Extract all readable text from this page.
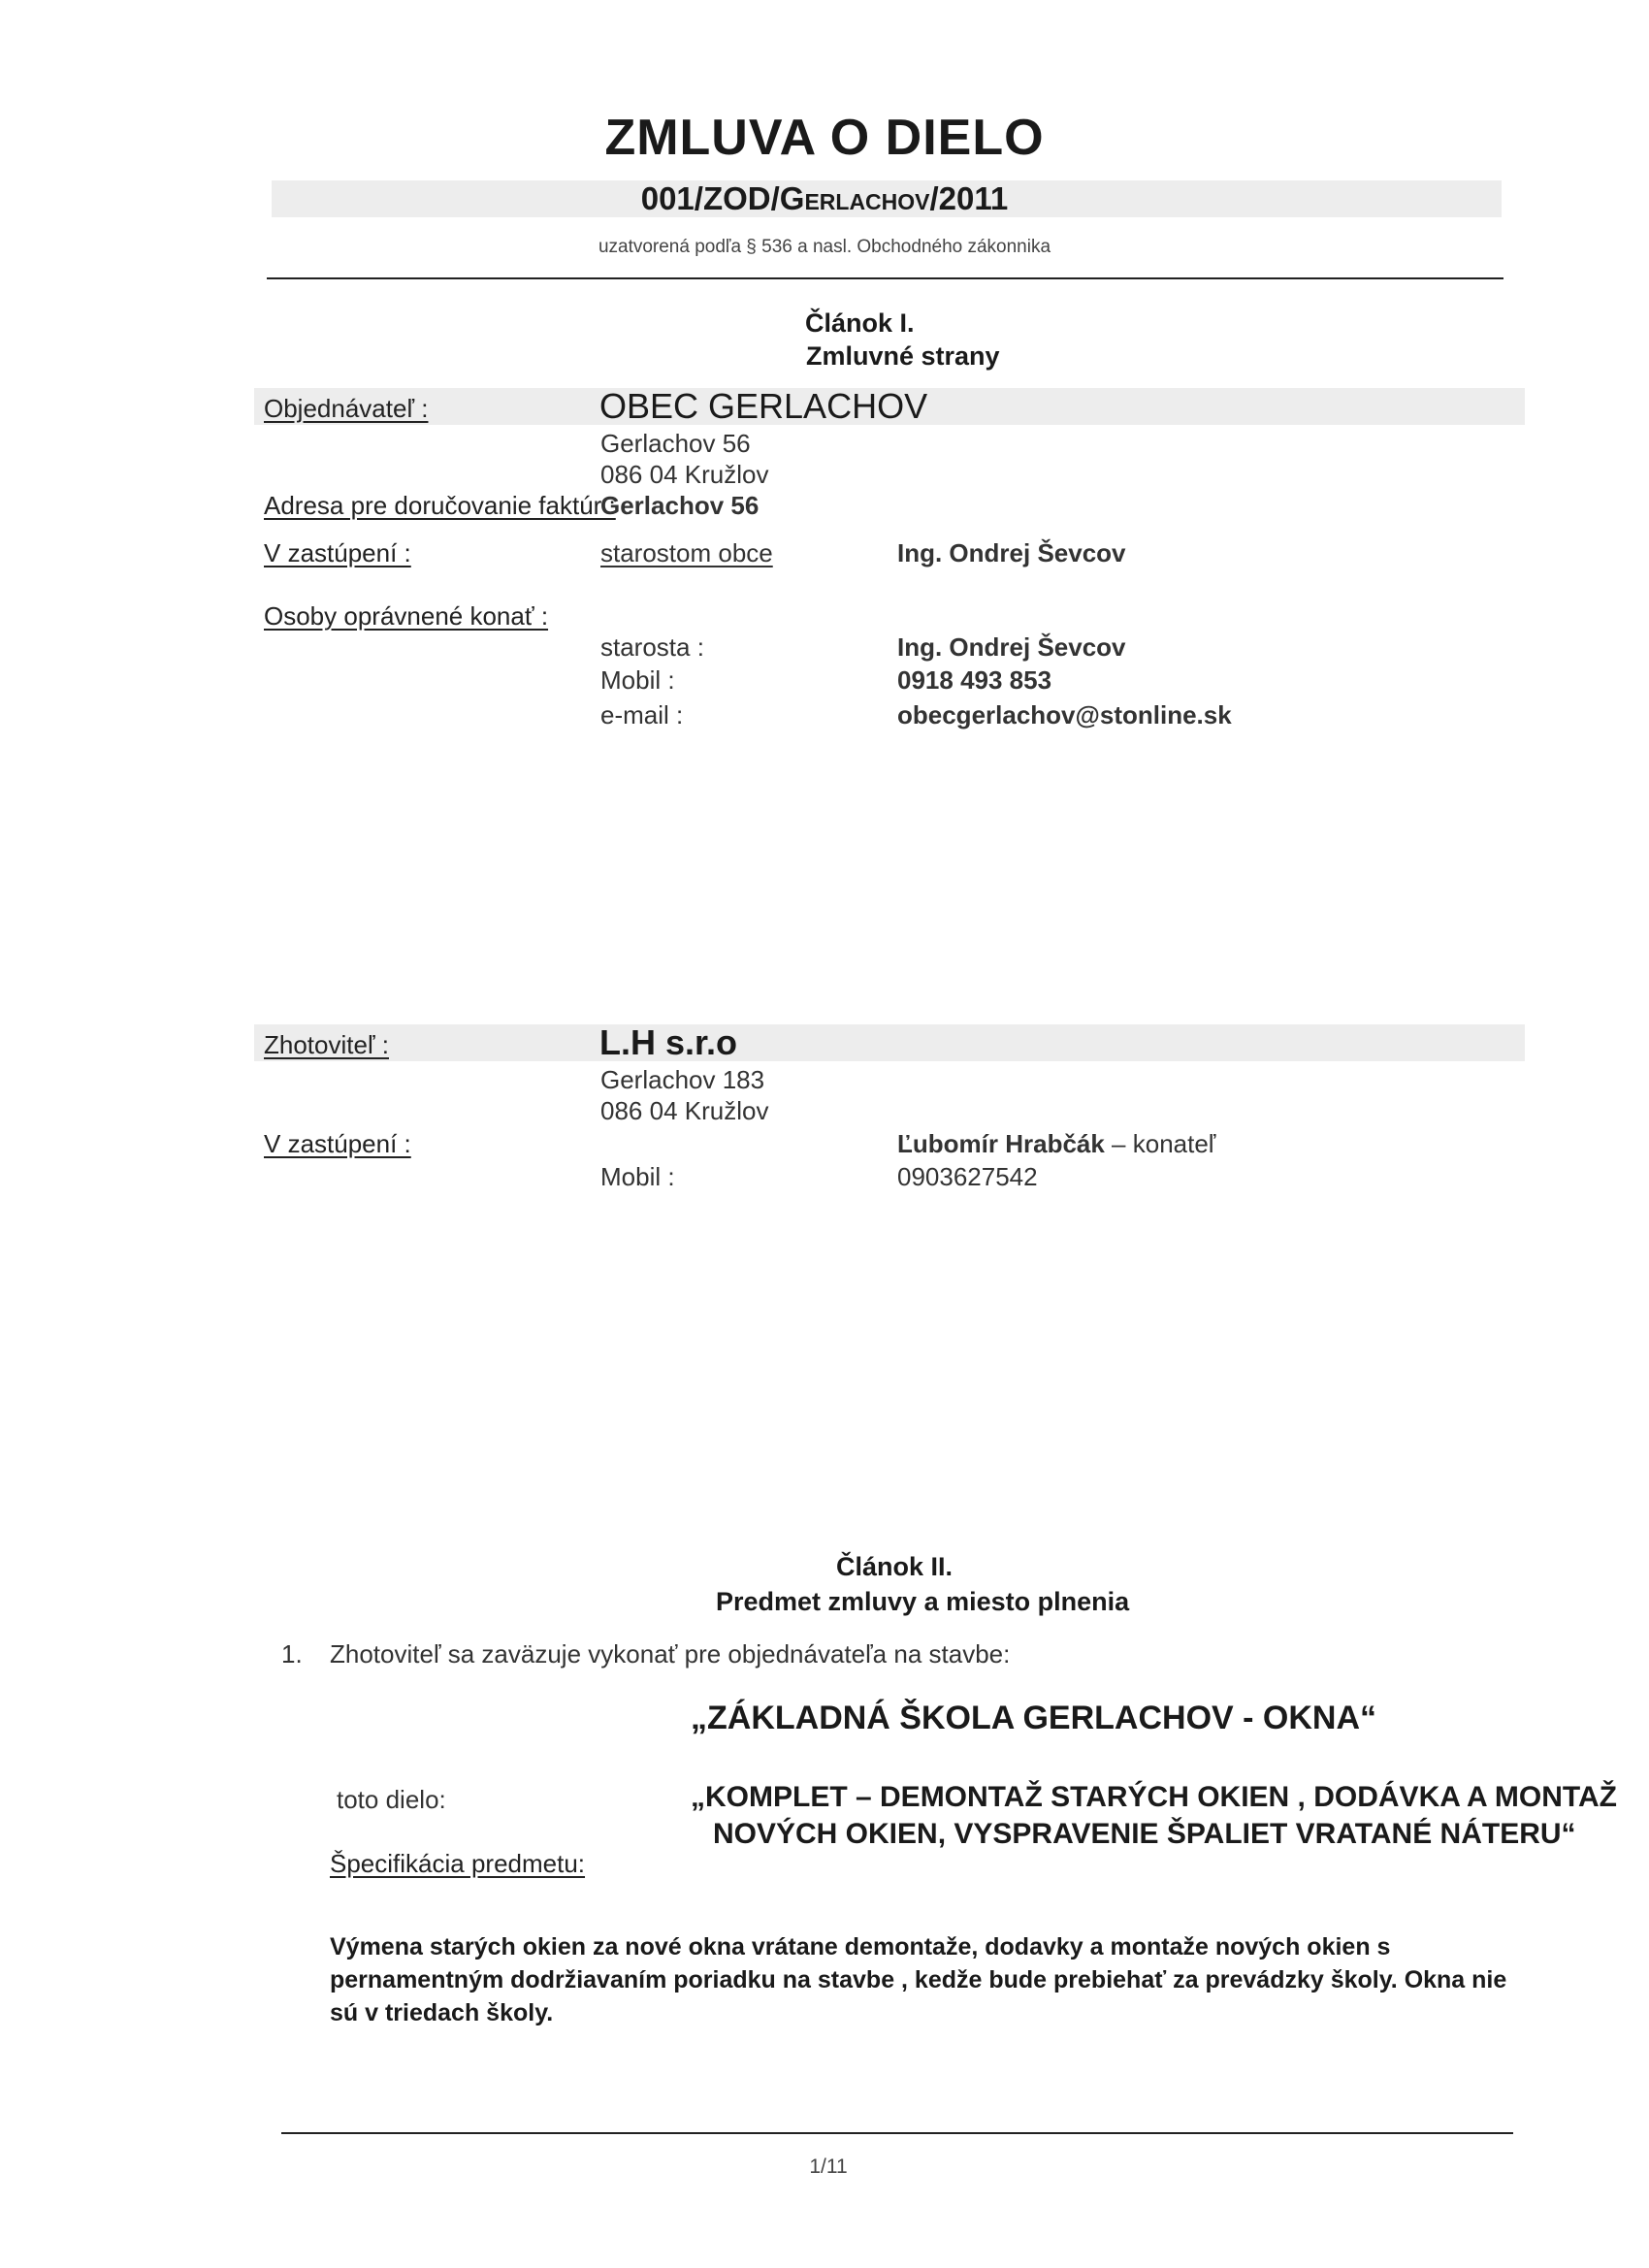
ZMLUVA O DIELO
001/ZOD/Gerlachov/2011
uzatvorená podľa § 536 a nasl. Obchodného zákonnika
Článok I.
Zmluvné strany
Objednávateľ :	OBEC GERLACHOV
Gerlachov 56
086 04 Kružlov
Adresa pre doručovanie faktúr :
Gerlachov 56
V zastúpení :	starostom obce	Ing. Ondrej Ševcov
Osoby oprávnené konať :
starosta :	Ing. Ondrej Ševcov
Mobil :	0918 493 853
e-mail :	obecgerlachov@stonline.sk
Zhotoviteľ :	L.H s.r.o
Gerlachov 183
086 04 Kružlov
V zastúpení :	Ľubomír Hrabčák – konateľ
Mobil :	0903627542
Článok II.
Predmet zmluvy a miesto plnenia
1. Zhotoviteľ sa zaväzuje vykonať pre objednávateľa na stavbe:
„ZÁKLADNÁ ŠKOLA GERLACHOV - OKNA“
toto dielo:	„KOMPLET – DEMONTAŽ STARÝCH OKIEN , DODÁVKA A MONTAŽ
NOVÝCH OKIEN, VYSPRAVENIE ŠPALIET VRATANÉ NÁTERU“
Špecifikácia predmetu:
Výmena starých okien za nové okna vrátane demontaže, dodavky a montaže nových okien s pernamentným dodržiavaním poriadku na stavbe , kedže bude prebiehať za prevádzky školy. Okna nie sú v triedach školy.
1/11
